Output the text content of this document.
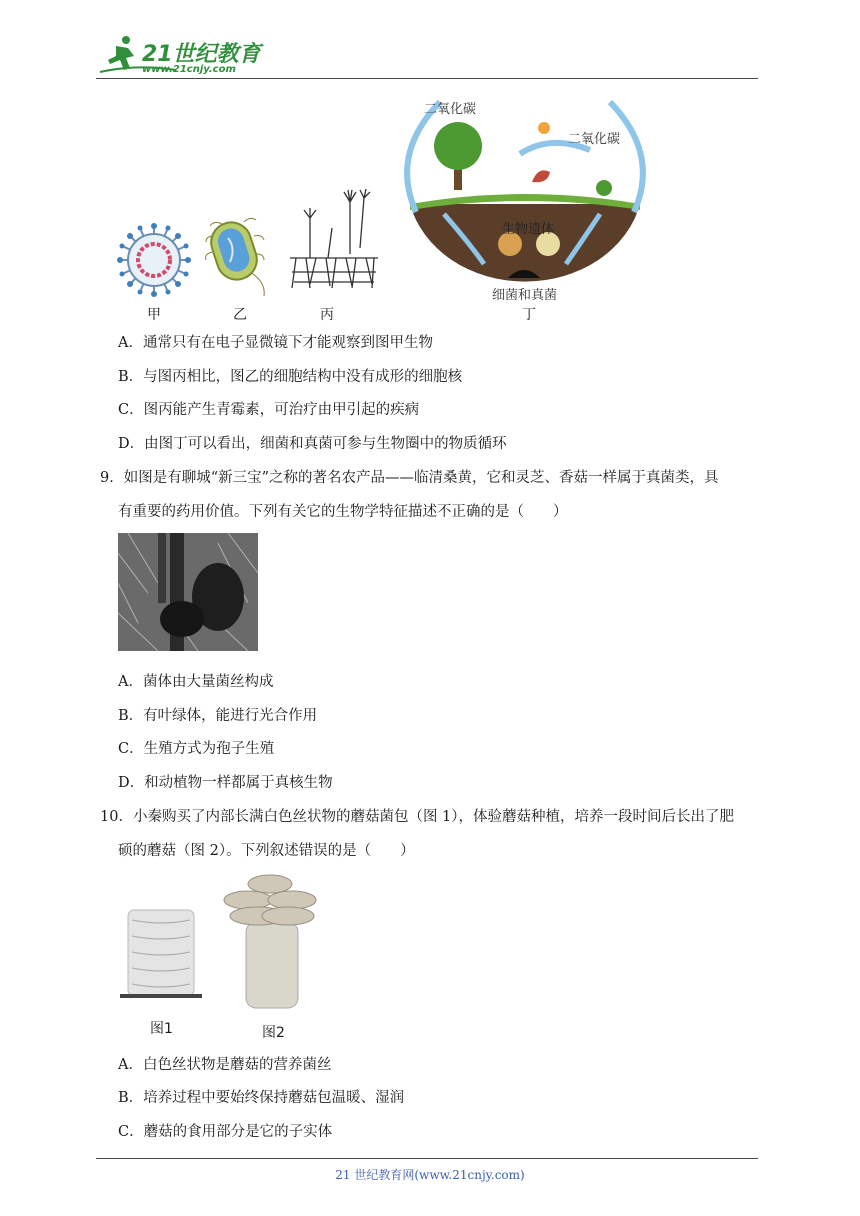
21世纪教育
www.21cnjy.com
二氧化碳
二氧化碳
生物遗体
细菌和真菌
甲	乙	丙	丁
A．通常只有在电子显微镜下才能观察到图甲生物
B．与图丙相比，图乙的细胞结构中没有成形的细胞核
C．图丙能产生青霉素，可治疗由甲引起的疾病
D．由图丁可以看出，细菌和真菌可参与生物圈中的物质循环
9．如图是有聊城“新三宝”之称的著名农产品——临清桑黄，它和灵芝、香菇一样属于真菌类，具
有重要的药用价值。下列有关它的生物学特征描述不正确的是（　　）
A．菌体由大量菌丝构成
B．有叶绿体，能进行光合作用
C．生殖方式为孢子生殖
D．和动植物一样都属于真核生物
10．小秦购买了内部长满白色丝状物的蘑菇菌包（图 1），体验蘑菇种植，培养一段时间后长出了肥
硕的蘑菇（图 2）。下列叙述错误的是（　　）
图1	图2
A．白色丝状物是蘑菇的营养菌丝
B．培养过程中要始终保持蘑菇包温暖、湿润
C．蘑菇的食用部分是它的子实体
21 世纪教育网(www.21cnjy.com)
